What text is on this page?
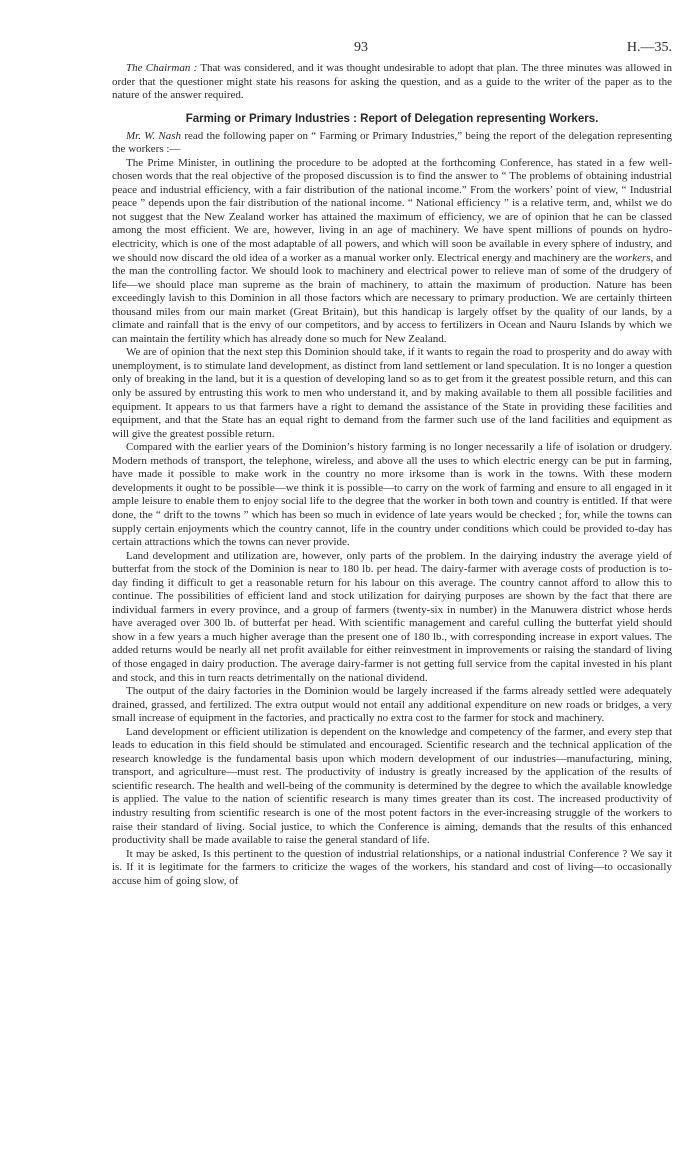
93	H.—35.

The Chairman : That was considered, and it was thought undesirable to adopt that plan. The three minutes was allowed in order that the questioner might state his reasons for asking the question, and as a guide to the writer of the paper as to the nature of the answer required.

Farming or Primary Industries : Report of Delegation representing Workers.

Mr. W. Nash read the following paper on “ Farming or Primary Industries,” being the report of the delegation representing the workers :—

The Prime Minister, in outlining the procedure to be adopted at the forthcoming Conference, has stated in a few well-chosen words that the real objective of the proposed discussion is to find the answer to “ The problems of obtaining industrial peace and industrial efficiency, with a fair distribution of the national income.” From the workers’ point of view, “ Industrial peace ” depends upon the fair distribution of the national income. “ National efficiency ” is a relative term, and, whilst we do not suggest that the New Zealand worker has attained the maximum of efficiency, we are of opinion that he can be classed among the most efficient. We are, however, living in an age of machinery. We have spent millions of pounds on hydro-electricity, which is one of the most adaptable of all powers, and which will soon be available in every sphere of industry, and we should now discard the old idea of a worker as a manual worker only. Electrical energy and machinery are the workers, and the man the controlling factor. We should look to machinery and electrical power to relieve man of some of the drudgery of life—we should place man supreme as the brain of machinery, to attain the maximum of production. Nature has been exceedingly lavish to this Dominion in all those factors which are necessary to primary production. We are certainly thirteen thousand miles from our main market (Great Britain), but this handicap is largely offset by the quality of our lands, by a climate and rainfall that is the envy of our competitors, and by access to fertilizers in Ocean and Nauru Islands by which we can maintain the fertility which has already done so much for New Zealand.

We are of opinion that the next step this Dominion should take, if it wants to regain the road to prosperity and do away with unemployment, is to stimulate land development, as distinct from land settlement or land speculation. It is no longer a question only of breaking in the land, but it is a question of developing land so as to get from it the greatest possible return, and this can only be assured by entrusting this work to men who understand it, and by making available to them all possible facilities and equipment. It appears to us that farmers have a right to demand the assistance of the State in providing these facilities and equipment, and that the State has an equal right to demand from the farmer such use of the land facilities and equipment as will give the greatest possible return.

Compared with the earlier years of the Dominion’s history farming is no longer necessarily a life of isolation or drudgery. Modern methods of transport, the telephone, wireless, and above all the uses to which electric energy can be put in farming, have made it possible to make work in the country no more irksome than is work in the towns. With these modern developments it ought to be possible—we think it is possible—to carry on the work of farming and ensure to all engaged in it ample leisure to enable them to enjoy social life to the degree that the worker in both town and country is entitled. If that were done, the “ drift to the towns ” which has been so much in evidence of late years would be checked ; for, while the towns can supply certain enjoyments which the country cannot, life in the country under conditions which could be provided to-day has certain attractions which the towns can never provide.

Land development and utilization are, however, only parts of the problem. In the dairying industry the average yield of butterfat from the stock of the Dominion is near to 180 lb. per head. The dairy-farmer with average costs of production is to-day finding it difficult to get a reasonable return for his labour on this average. The country cannot afford to allow this to continue. The possibilities of efficient land and stock utilization for dairying purposes are shown by the fact that there are individual farmers in every province, and a group of farmers (twenty-six in number) in the Manuwera district whose herds have averaged over 300 lb. of butterfat per head. With scientific management and careful culling the butterfat yield should show in a few years a much higher average than the present one of 180 lb., with corresponding increase in export values. The added returns would be nearly all net profit available for either reinvestment in improvements or raising the standard of living of those engaged in dairy production. The average dairy-farmer is not getting full service from the capital invested in his plant and stock, and this in turn reacts detrimentally on the national dividend.

The output of the dairy factories in the Dominion would be largely increased if the farms already settled were adequately drained, grassed, and fertilized. The extra output would not entail any additional expenditure on new roads or bridges, a very small increase of equipment in the factories, and practically no extra cost to the farmer for stock and machinery.

Land development or efficient utilization is dependent on the knowledge and competency of the farmer, and every step that leads to education in this field should be stimulated and encouraged. Scientific research and the technical application of the research knowledge is the fundamental basis upon which modern development of our industries—manufacturing, mining, transport, and agriculture—must rest. The productivity of industry is greatly increased by the application of the results of scientific research. The health and well-being of the community is determined by the degree to which the available knowledge is applied. The value to the nation of scientific research is many times greater than its cost. The increased productivity of industry resulting from scientific research is one of the most potent factors in the ever-increasing struggle of the workers to raise their standard of living. Social justice, to which the Conference is aiming, demands that the results of this enhanced productivity shall be made available to raise the general standard of life.

It may be asked, Is this pertinent to the question of industrial relationships, or a national industrial Conference ? We say it is. If it is legitimate for the farmers to criticize the wages of the workers, his standard and cost of living—to occasionally accuse him of going slow, of
